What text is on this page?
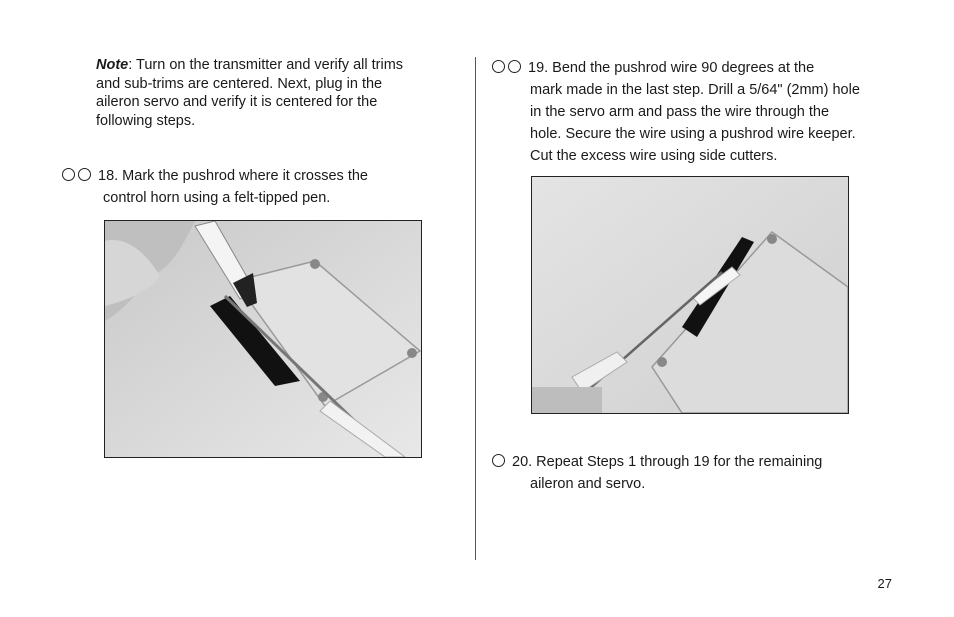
Note: Turn on the transmitter and verify all trims and sub-trims are centered. Next, plug in the aileron servo and verify it is centered for the following steps.
18. Mark the pushrod where it crosses the
control horn using a felt-tipped pen.
19. Bend the pushrod wire 90 degrees at the
mark made in the last step. Drill a 5/64" (2mm) hole in the servo arm and pass the wire through the hole. Secure the wire using a pushrod wire keeper. Cut the excess wire using side cutters.
20. Repeat Steps 1 through 19 for the remaining
aileron and servo.
27
